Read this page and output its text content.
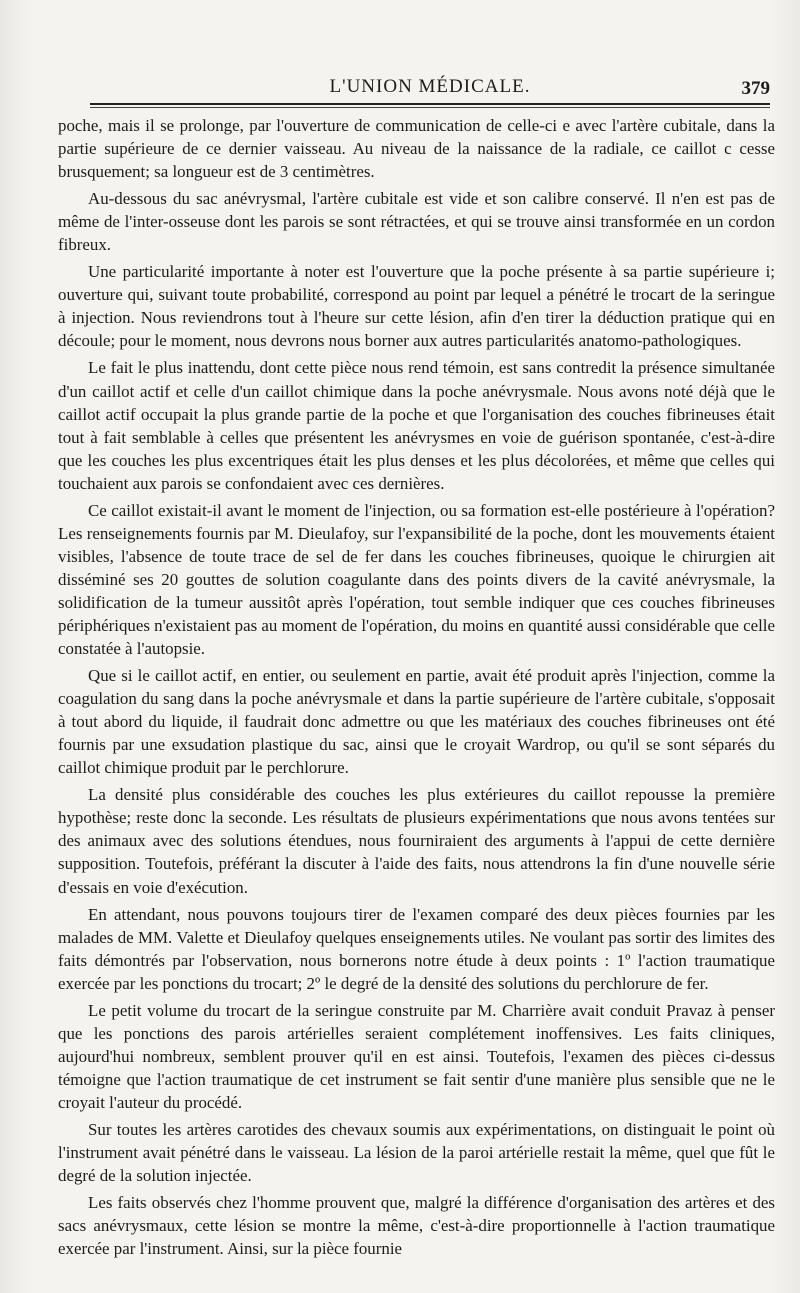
L'UNION MÉDICALE.	379

poche, mais il se prolonge, par l'ouverture de communication de celle-ci e avec l'artère cubitale, dans la partie supérieure de ce dernier vaisseau. Au niveau de la naissance de la radiale, ce caillot c cesse brusquement; sa longueur est de 3 centimètres.

Au-dessous du sac anévrysmal, l'artère cubitale est vide et son calibre conservé. Il n'en est pas de même de l'inter-osseuse dont les parois se sont rétractées, et qui se trouve ainsi transformée en un cordon fibreux.

Une particularité importante à noter est l'ouverture que la poche présente à sa partie supérieure i; ouverture qui, suivant toute probabilité, correspond au point par lequel a pénétré le trocart de la seringue à injection. Nous reviendrons tout à l'heure sur cette lésion, afin d'en tirer la déduction pratique qui en découle; pour le moment, nous devrons nous borner aux autres particularités anatomo-pathologiques.

Le fait le plus inattendu, dont cette pièce nous rend témoin, est sans contredit la présence simultanée d'un caillot actif et celle d'un caillot chimique dans la poche anévrysmale. Nous avons noté déjà que le caillot actif occupait la plus grande partie de la poche et que l'organisation des couches fibrineuses était tout à fait semblable à celles que présentent les anévrysmes en voie de guérison spontanée, c'est-à-dire que les couches les plus excentriques était les plus denses et les plus décolorées, et même que celles qui touchaient aux parois se confondaient avec ces dernières.

Ce caillot existait-il avant le moment de l'injection, ou sa formation est-elle postérieure à l'opération? Les renseignements fournis par M. Dieulafoy, sur l'expansibilité de la poche, dont les mouvements étaient visibles, l'absence de toute trace de sel de fer dans les couches fibrineuses, quoique le chirurgien ait disséminé ses 20 gouttes de solution coagulante dans des points divers de la cavité anévrysmale, la solidification de la tumeur aussitôt après l'opération, tout semble indiquer que ces couches fibrineuses périphériques n'existaient pas au moment de l'opération, du moins en quantité aussi considérable que celle constatée à l'autopsie.

Que si le caillot actif, en entier, ou seulement en partie, avait été produit après l'injection, comme la coagulation du sang dans la poche anévrysmale et dans la partie supérieure de l'artère cubitale, s'opposait à tout abord du liquide, il faudrait donc admettre ou que les matériaux des couches fibrineuses ont été fournis par une exsudation plastique du sac, ainsi que le croyait Wardrop, ou qu'il se sont séparés du caillot chimique produit par le perchlorure.

La densité plus considérable des couches les plus extérieures du caillot repousse la première hypothèse; reste donc la seconde. Les résultats de plusieurs expérimentations que nous avons tentées sur des animaux avec des solutions étendues, nous fourniraient des arguments à l'appui de cette dernière supposition. Toutefois, préférant la discuter à l'aide des faits, nous attendrons la fin d'une nouvelle série d'essais en voie d'exécution.

En attendant, nous pouvons toujours tirer de l'examen comparé des deux pièces fournies par les malades de MM. Valette et Dieulafoy quelques enseignements utiles. Ne voulant pas sortir des limites des faits démontrés par l'observation, nous bornerons notre étude à deux points : 1º l'action traumatique exercée par les ponctions du trocart; 2º le degré de la densité des solutions du perchlorure de fer.

Le petit volume du trocart de la seringue construite par M. Charrière avait conduit Pravaz à penser que les ponctions des parois artérielles seraient complétement inoffensives. Les faits cliniques, aujourd'hui nombreux, semblent prouver qu'il en est ainsi. Toutefois, l'examen des pièces ci-dessus témoigne que l'action traumatique de cet instrument se fait sentir d'une manière plus sensible que ne le croyait l'auteur du procédé.

Sur toutes les artères carotides des chevaux soumis aux expérimentations, on distinguait le point où l'instrument avait pénétré dans le vaisseau. La lésion de la paroi artérielle restait la même, quel que fût le degré de la solution injectée.

Les faits observés chez l'homme prouvent que, malgré la différence d'organisation des artères et des sacs anévrysmaux, cette lésion se montre la même, c'est-à-dire proportionnelle à l'action traumatique exercée par l'instrument. Ainsi, sur la pièce fournie
